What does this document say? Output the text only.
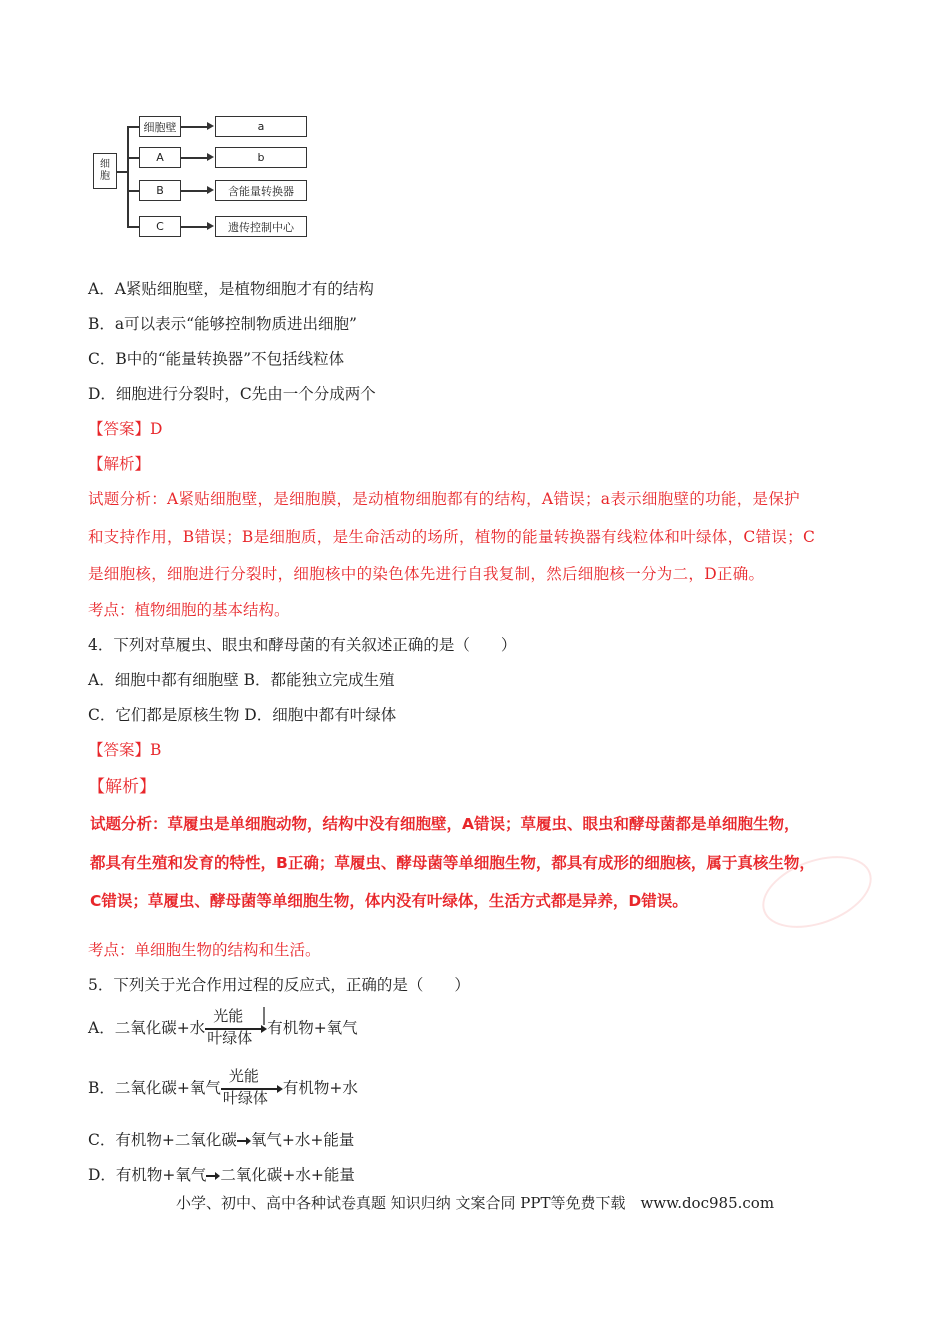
细
胞
细胞壁	a
A	b
B	含能量转换器
C	遗传控制中心
A．A紧贴细胞壁，是植物细胞才有的结构
B．a可以表示“能够控制物质进出细胞”
C．B中的“能量转换器”不包括线粒体
D．细胞进行分裂时，C先由一个分成两个
【答案】D
【解析】
试题分析：A紧贴细胞壁，是细胞膜，是动植物细胞都有的结构，A错误；a表示细胞壁的功能，是保护
和支持作用，B错误；B是细胞质，是生命活动的场所，植物的能量转换器有线粒体和叶绿体，C错误；C
是细胞核，细胞进行分裂时，细胞核中的染色体先进行自我复制，然后细胞核一分为二，D正确。
考点：植物细胞的基本结构。
4．下列对草履虫、眼虫和酵母菌的有关叙述正确的是（　　）
A．细胞中都有细胞壁 B．都能独立完成生殖
C．它们都是原核生物 D．细胞中都有叶绿体
【答案】B
【解析】
试题分析：草履虫是单细胞动物，结构中没有细胞壁，A错误；草履虫、眼虫和酵母菌都是单细胞生物，
都具有生殖和发育的特性，B正确；草履虫、酵母菌等单细胞生物，都具有成形的细胞核，属于真核生物，
C错误；草履虫、酵母菌等单细胞生物，体内没有叶绿体，生活方式都是异养，D错误。
考点：单细胞生物的结构和生活。
5．下列关于光合作用过程的反应式，正确的是（　　）
A．二氧化碳+水
光能
叶绿体
有机物+氧气
B．二氧化碳+氧气
光能
叶绿体
有机物+水
C．有机物+二氧化碳 氧气+水+能量
D．有机物+氧气 二氧化碳+水+能量
小学、初中、高中各种试卷真题 知识归纳 文案合同 PPT等免费下载　www.doc985.com
